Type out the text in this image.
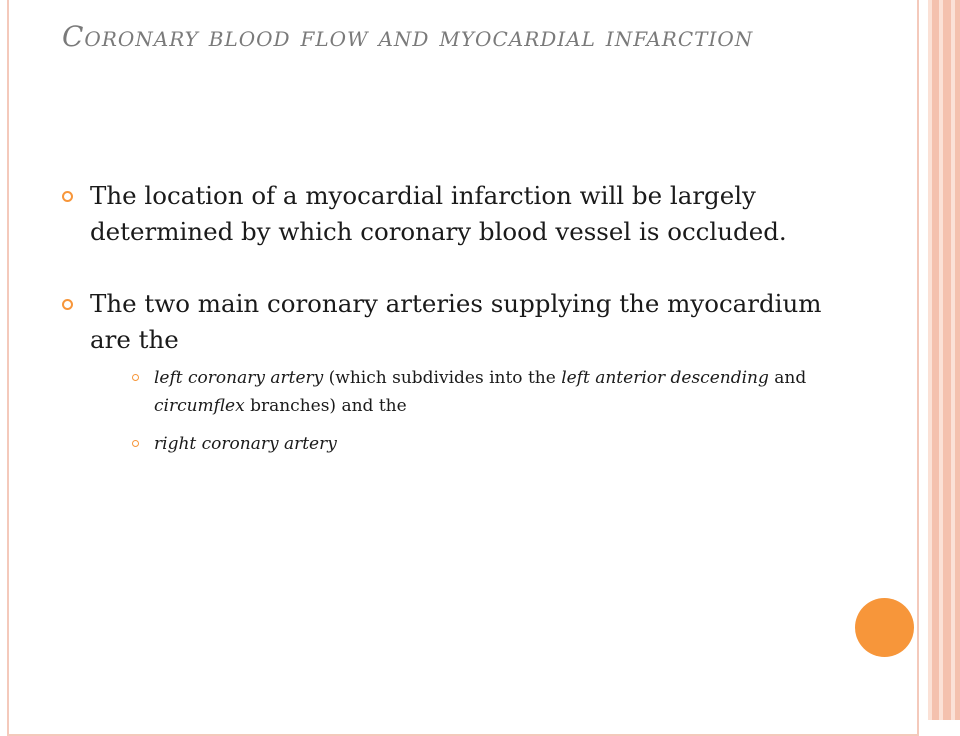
Coronary blood flow and myocardial infarction

The location of a myocardial infarction will be largely determined by which coronary blood vessel is occluded.

The two main coronary arteries supplying the myocardium are the

left coronary artery (which subdivides into the left anterior descending and circumflex branches) and the
right coronary artery
